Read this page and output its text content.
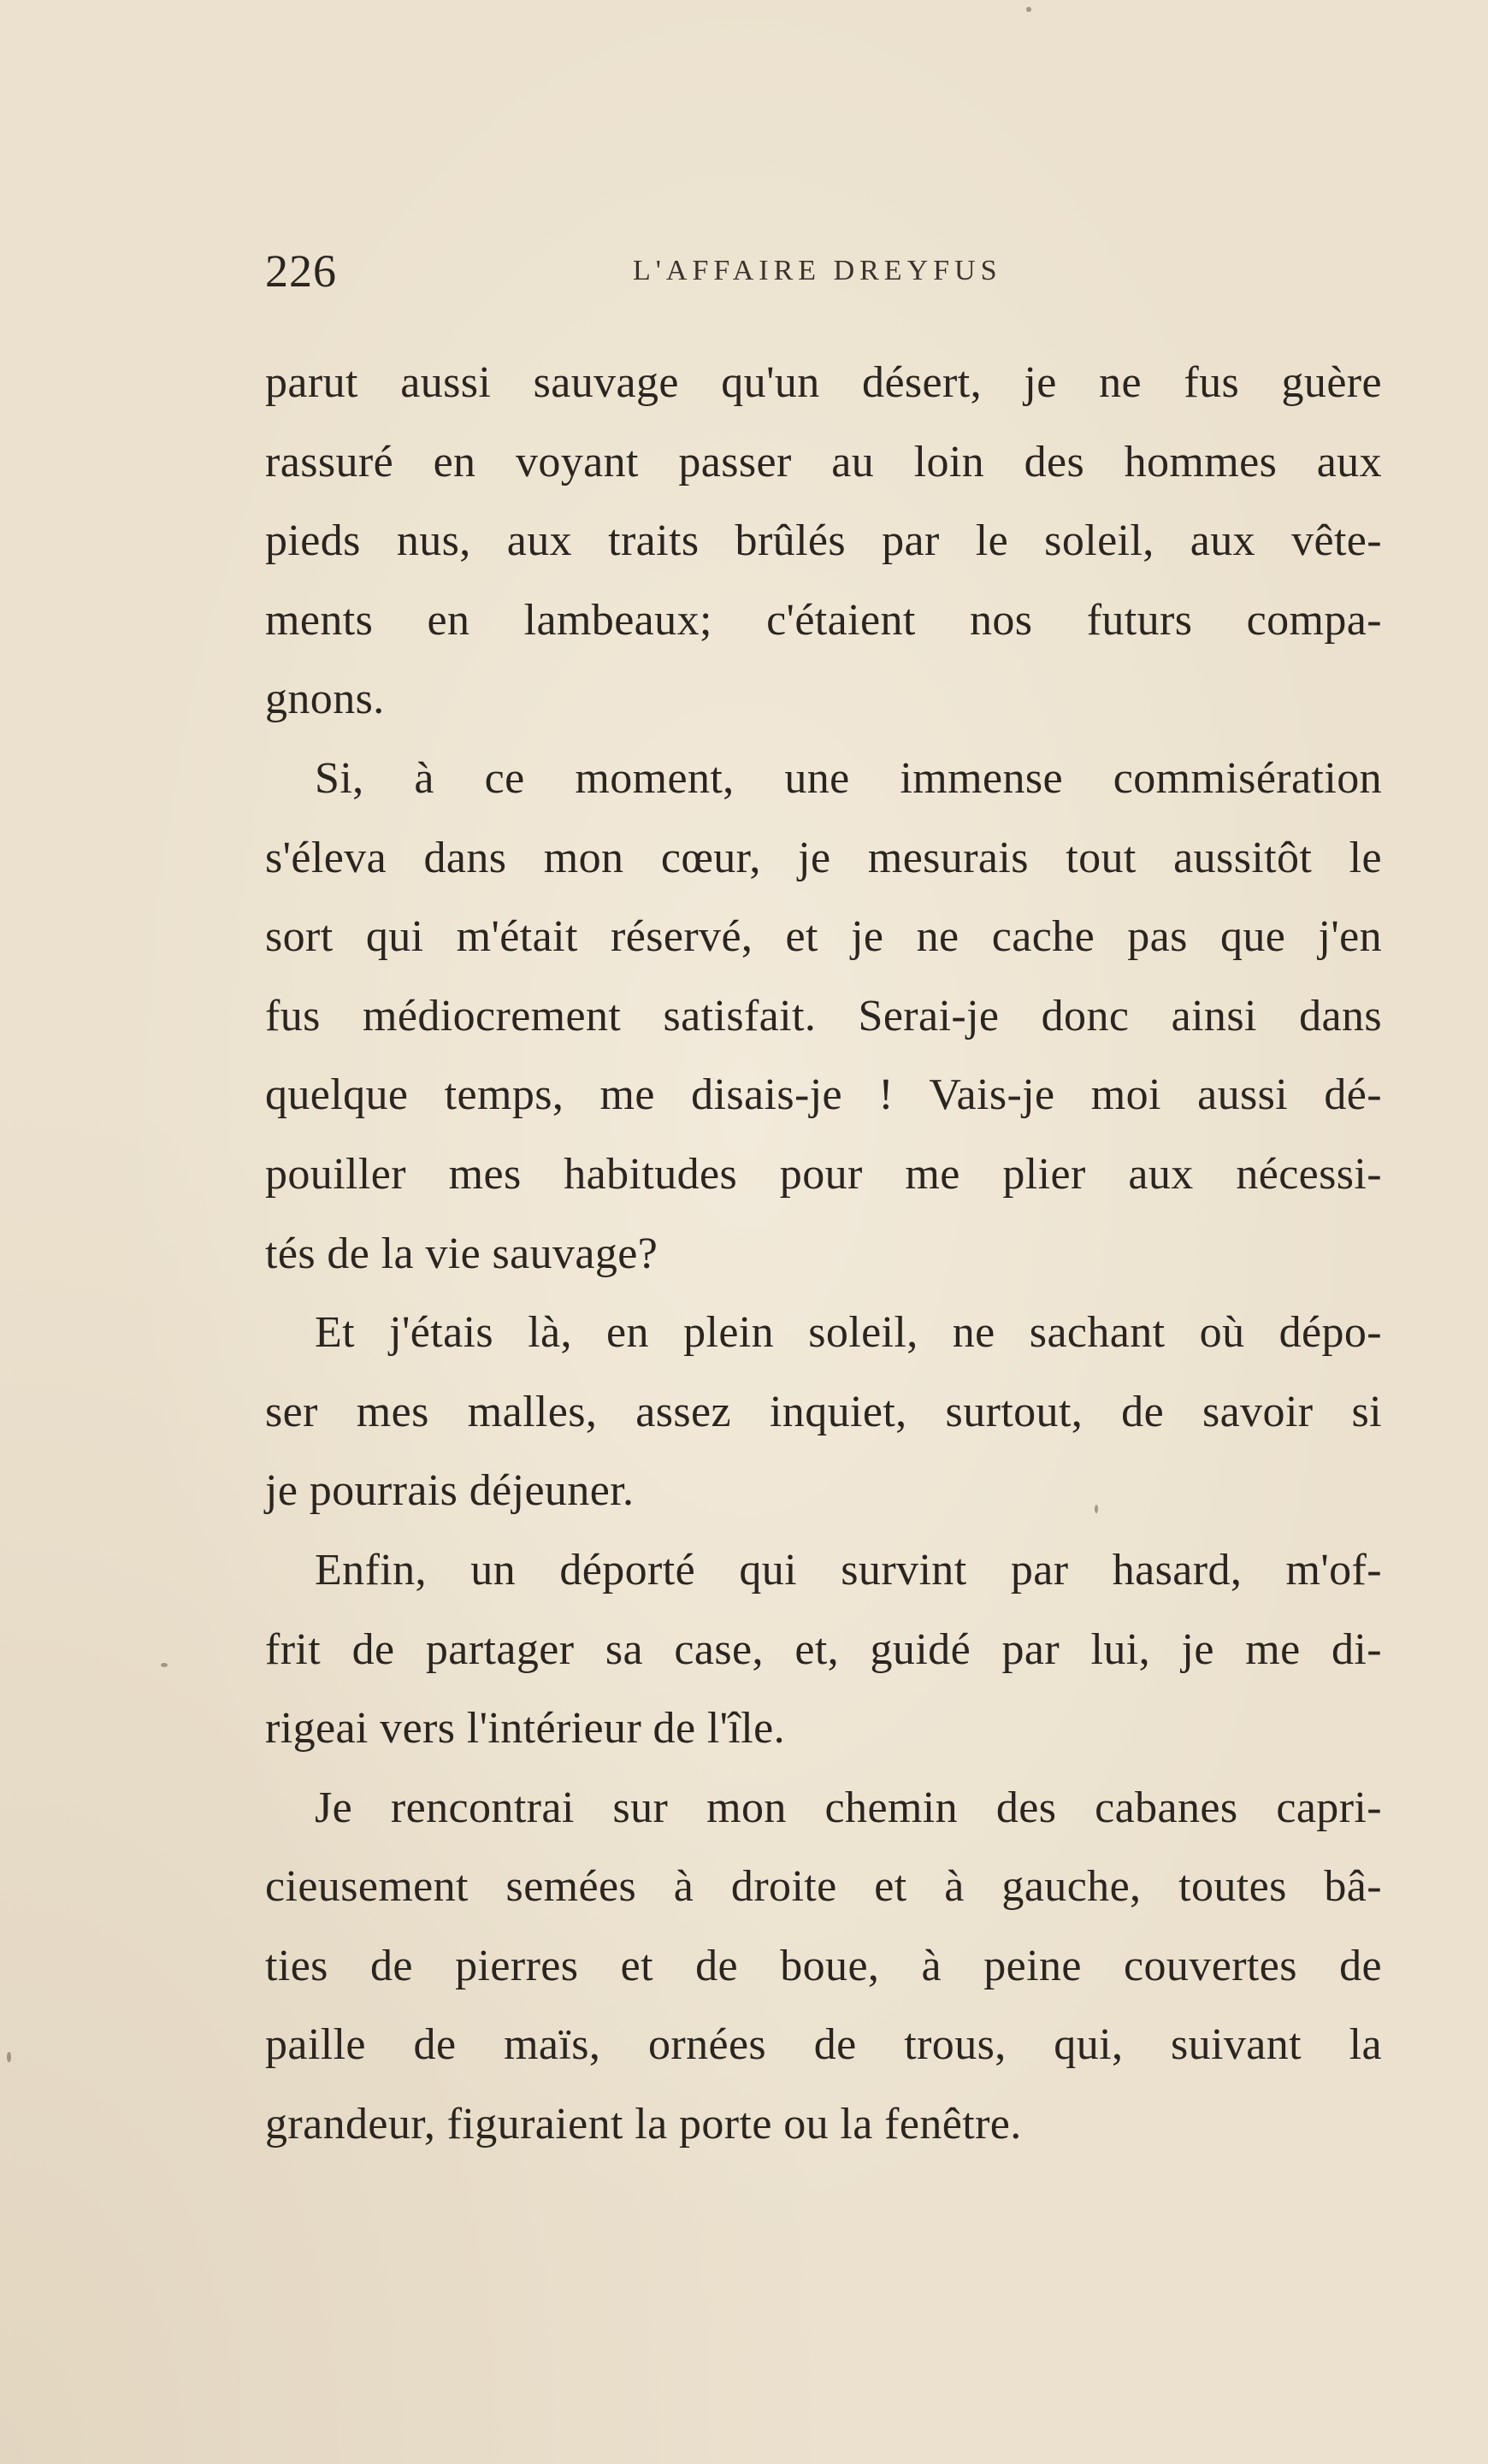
226	L'AFFAIRE DREYFUS
parut aussi sauvage qu'un désert, je ne fus guère
rassuré en voyant passer au loin des hommes aux
pieds nus, aux traits brûlés par le soleil, aux vête-
ments en lambeaux; c'étaient nos futurs compa-
gnons.
Si, à ce moment, une immense commisération
s'éleva dans mon cœur, je mesurais tout aussitôt le
sort qui m'était réservé, et je ne cache pas que j'en
fus médiocrement satisfait. Serai-je donc ainsi dans
quelque temps, me disais-je ! Vais-je moi aussi dé-
pouiller mes habitudes pour me plier aux nécessi-
tés de la vie sauvage?
Et j'étais là, en plein soleil, ne sachant où dépo-
ser mes malles, assez inquiet, surtout, de savoir si
je pourrais déjeuner.
Enfin, un déporté qui survint par hasard, m'of-
frit de partager sa case, et, guidé par lui, je me di-
rigeai vers l'intérieur de l'île.
Je rencontrai sur mon chemin des cabanes capri-
cieusement semées à droite et à gauche, toutes bâ-
ties de pierres et de boue, à peine couvertes de
paille de maïs, ornées de trous, qui, suivant la
grandeur, figuraient la porte ou la fenêtre.
